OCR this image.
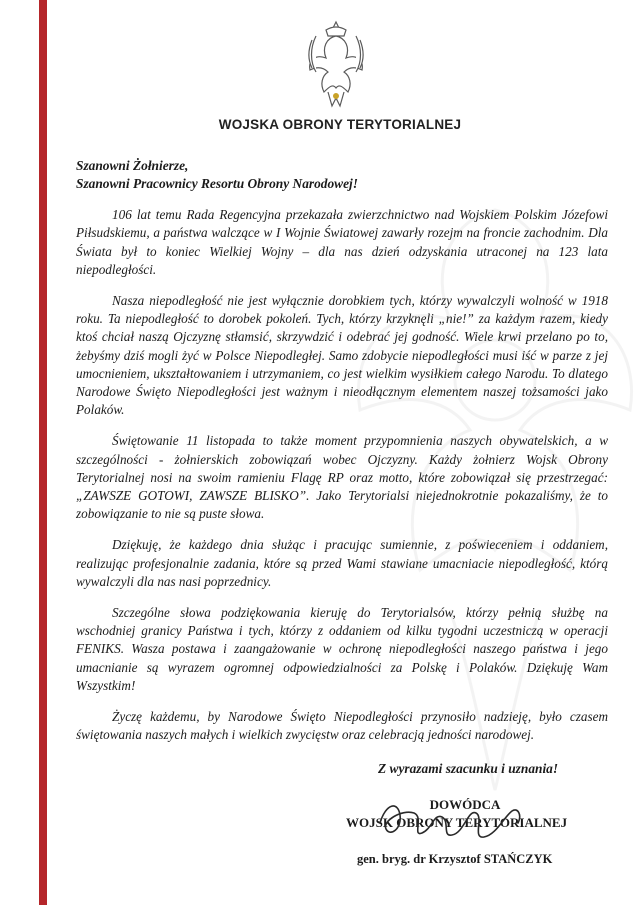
WOJSKA OBRONY TERYTORIALNEJ
Szanowni Żołnierze,
Szanowni Pracownicy Resortu Obrony Narodowej!

106 lat temu Rada Regencyjna przekazała zwierzchnictwo nad Wojskiem Polskim Józefowi Piłsudskiemu, a państwa walczące w I Wojnie Światowej zawarły rozejm na froncie zachodnim. Dla Świata był to koniec Wielkiej Wojny – dla nas dzień odzyskania utraconej na 123 lata niepodległości.

Nasza niepodległość nie jest wyłącznie dorobkiem tych, którzy wywalczyli wolność w 1918 roku. Ta niepodległość to dorobek pokoleń. Tych, którzy krzyknęli „nie!” za każdym razem, kiedy ktoś chciał naszą Ojczyznę stłamsić, skrzywdzić i odebrać jej godność. Wiele krwi przelano po to, żebyśmy dziś mogli żyć w Polsce Niepodległej. Samo zdobycie niepodległości musi iść w parze z jej umocnieniem, ukształtowaniem i utrzymaniem, co jest wielkim wysiłkiem całego Narodu. To dlatego Narodowe Święto Niepodległości jest ważnym i nieodłącznym elementem naszej tożsamości jako Polaków.

Świętowanie 11 listopada to także moment przypomnienia naszych obywatelskich, a w szczególności - żołnierskich zobowiązań wobec Ojczyzny. Każdy żołnierz Wojsk Obrony Terytorialnej nosi na swoim ramieniu Flagę RP oraz motto, które zobowiązał się przestrzegać: „ZAWSZE GOTOWI, ZAWSZE BLISKO”. Jako Terytorialsi niejednokrotnie pokazaliśmy, że to zobowiązanie to nie są puste słowa.

Dziękuję, że każdego dnia służąc i pracując sumiennie, z poświeceniem i oddaniem, realizując profesjonalnie zadania, które są przed Wami stawiane umacniacie niepodległość, którą wywalczyli dla nas nasi poprzednicy.

Szczególne słowa podziękowania kieruję do Terytorialsów, którzy pełnią służbę na wschodniej granicy Państwa i tych, którzy z oddaniem od kilku tygodni uczestniczą w operacji FENIKS. Wasza postawa i zaangażowanie w ochronę niepodległości naszego państwa i jego umacnianie są wyrazem ogromnej odpowiedzialności za Polskę i Polaków. Dziękuję Wam Wszystkim!

Życzę każdemu, by Narodowe Święto Niepodległości przynosiło nadzieję, było czasem świętowania naszych małych i wielkich zwycięstw oraz celebracją jedności narodowej.

Z wyrazami szacunku i uznania!
DOWÓDCA
WOJSK OBRONY TERYTORIALNEJ
gen. bryg. dr Krzysztof STAŃCZYK
